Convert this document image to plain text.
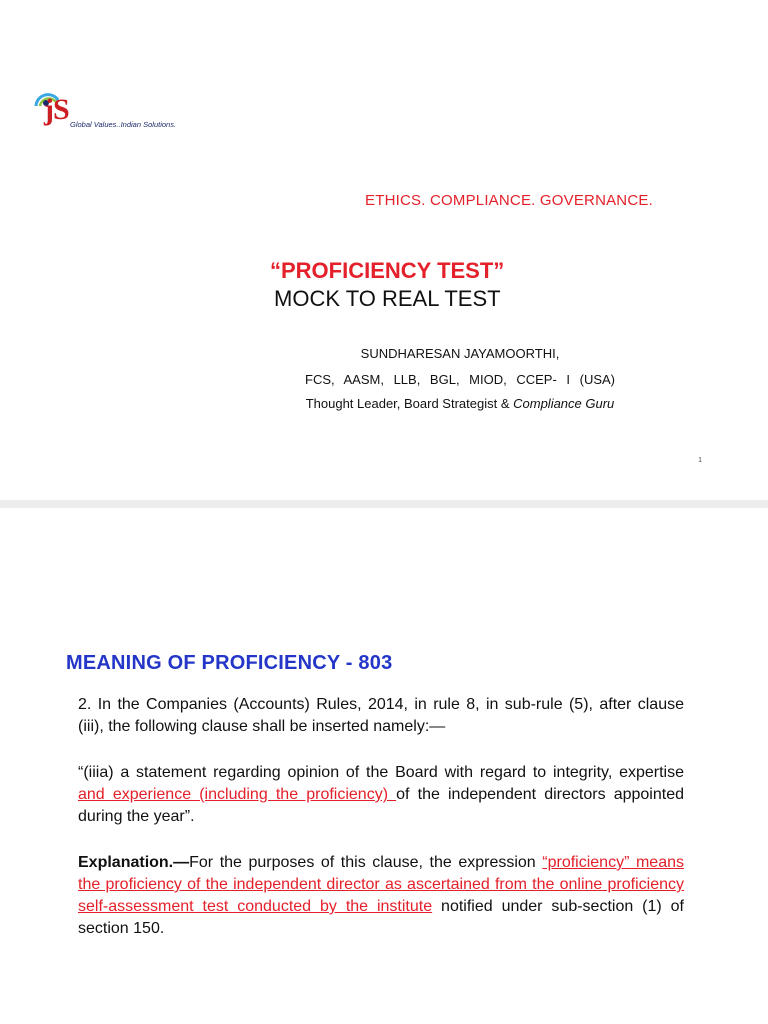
jS Global Values..Indian Solutions.
ETHICS. COMPLIANCE. GOVERNANCE.
“PROFICIENCY TEST”
MOCK TO REAL TEST
SUNDHARESAN JAYAMOORTHI,
FCS, AASM, LLB, BGL, MIOD, CCEP- I (USA)
Thought Leader, Board Strategist & Compliance Guru
1
MEANING OF PROFICIENCY - 803
2. In the Companies (Accounts) Rules, 2014, in rule 8, in sub-rule (5), after clause (iii), the following clause shall be inserted namely:—
“(iiia) a statement regarding opinion of the Board with regard to integrity, expertise and experience (including the proficiency) of the independent directors appointed during the year”.
Explanation.—For the purposes of this clause, the expression “proficiency” means the proficiency of the independent director as ascertained from the online proficiency self-assessment test conducted by the institute notified under sub-section (1) of section 150.
